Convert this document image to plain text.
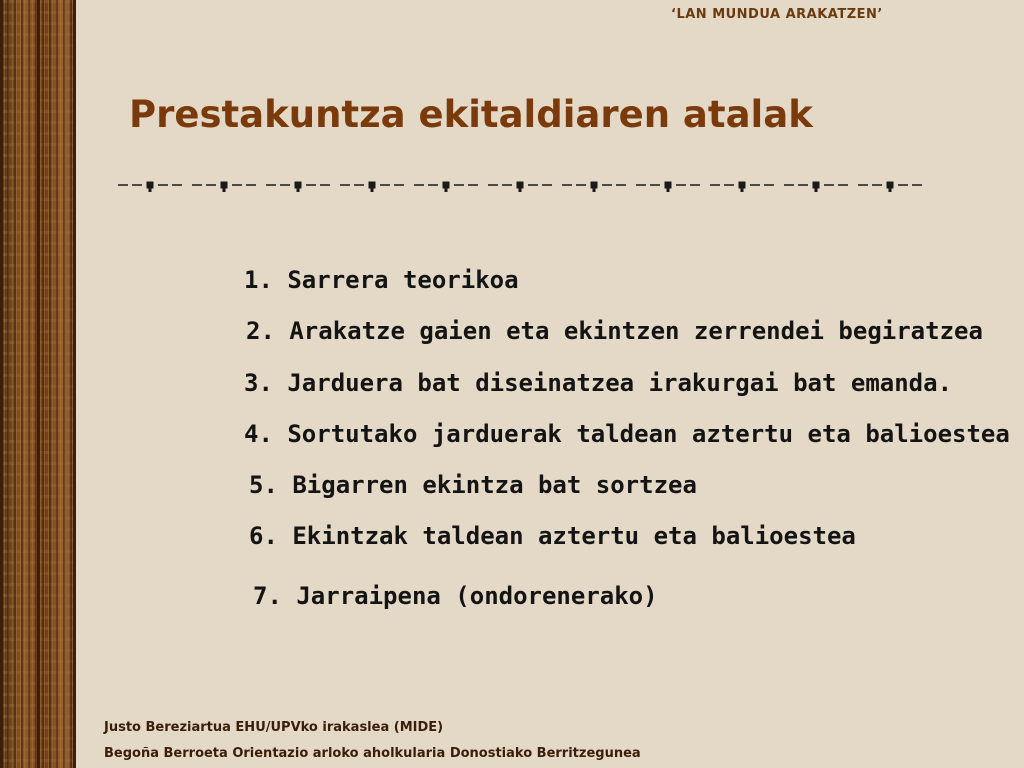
‘LAN MUNDUA ARAKATZEN’
Prestakuntza ekitaldiaren atalak
1. Sarrera teorikoa
2. Arakatze gaien eta ekintzen zerrendei begiratzea
3. Jarduera bat diseinatzea irakurgai bat emanda.
4. Sortutako jarduerak taldean aztertu eta balioestea
5. Bigarren ekintza bat sortzea
6. Ekintzak taldean aztertu eta balioestea
7. Jarraipena (ondorenerako)
Justo Bereziartua EHU/UPVko irakaslea (MIDE)
Begoña Berroeta Orientazio arloko aholkularia Donostiako Berritzegunea
